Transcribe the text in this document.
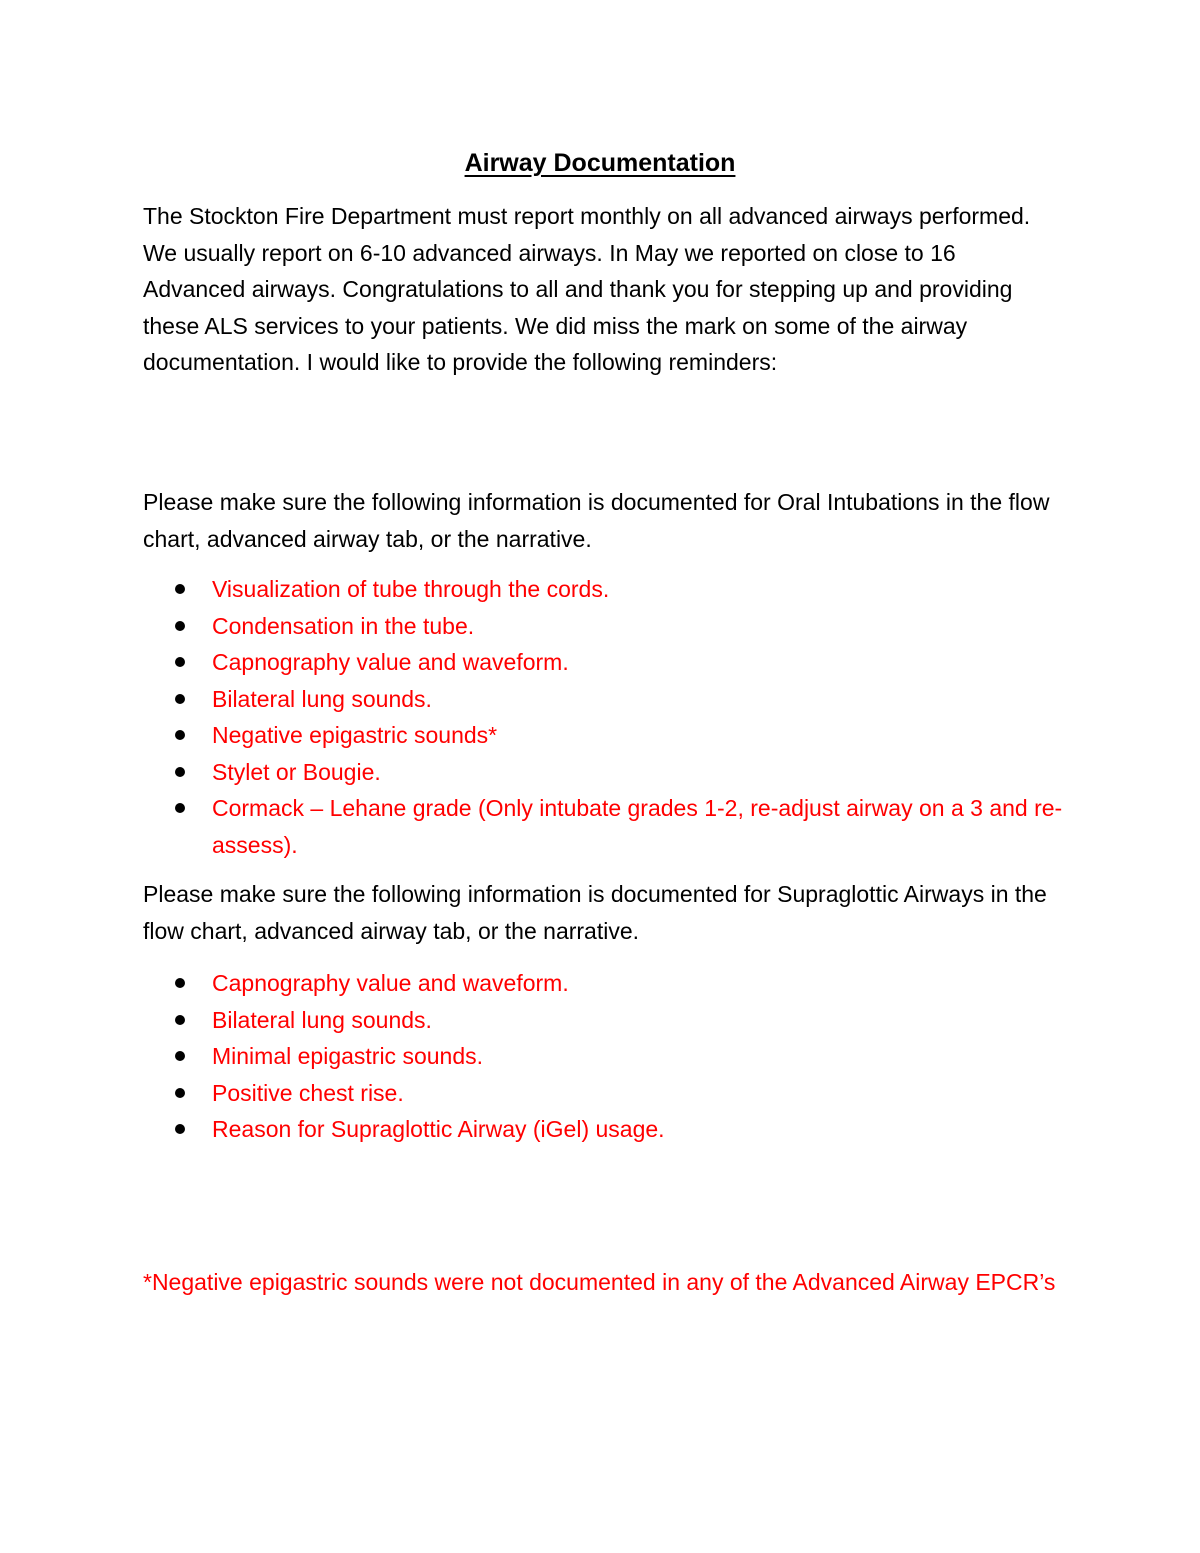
Airway Documentation

The Stockton Fire Department must report monthly on all advanced airways performed. We usually report on 6-10 advanced airways. In May we reported on close to 16 Advanced airways. Congratulations to all and thank you for stepping up and providing these ALS services to your patients. We did miss the mark on some of the airway documentation. I would like to provide the following reminders:

Please make sure the following information is documented for Oral Intubations in the flow chart, advanced airway tab, or the narrative.

Visualization of tube through the cords.
Condensation in the tube.
Capnography value and waveform.
Bilateral lung sounds.
Negative epigastric sounds*
Stylet or Bougie.
Cormack – Lehane grade (Only intubate grades 1-2, re-adjust airway on a 3 and re-assess).

Please make sure the following information is documented for Supraglottic Airways in the flow chart, advanced airway tab, or the narrative.

Capnography value and waveform.
Bilateral lung sounds.
Minimal epigastric sounds.
Positive chest rise.
Reason for Supraglottic Airway (iGel) usage.

*Negative epigastric sounds were not documented in any of the Advanced Airway EPCR’s
